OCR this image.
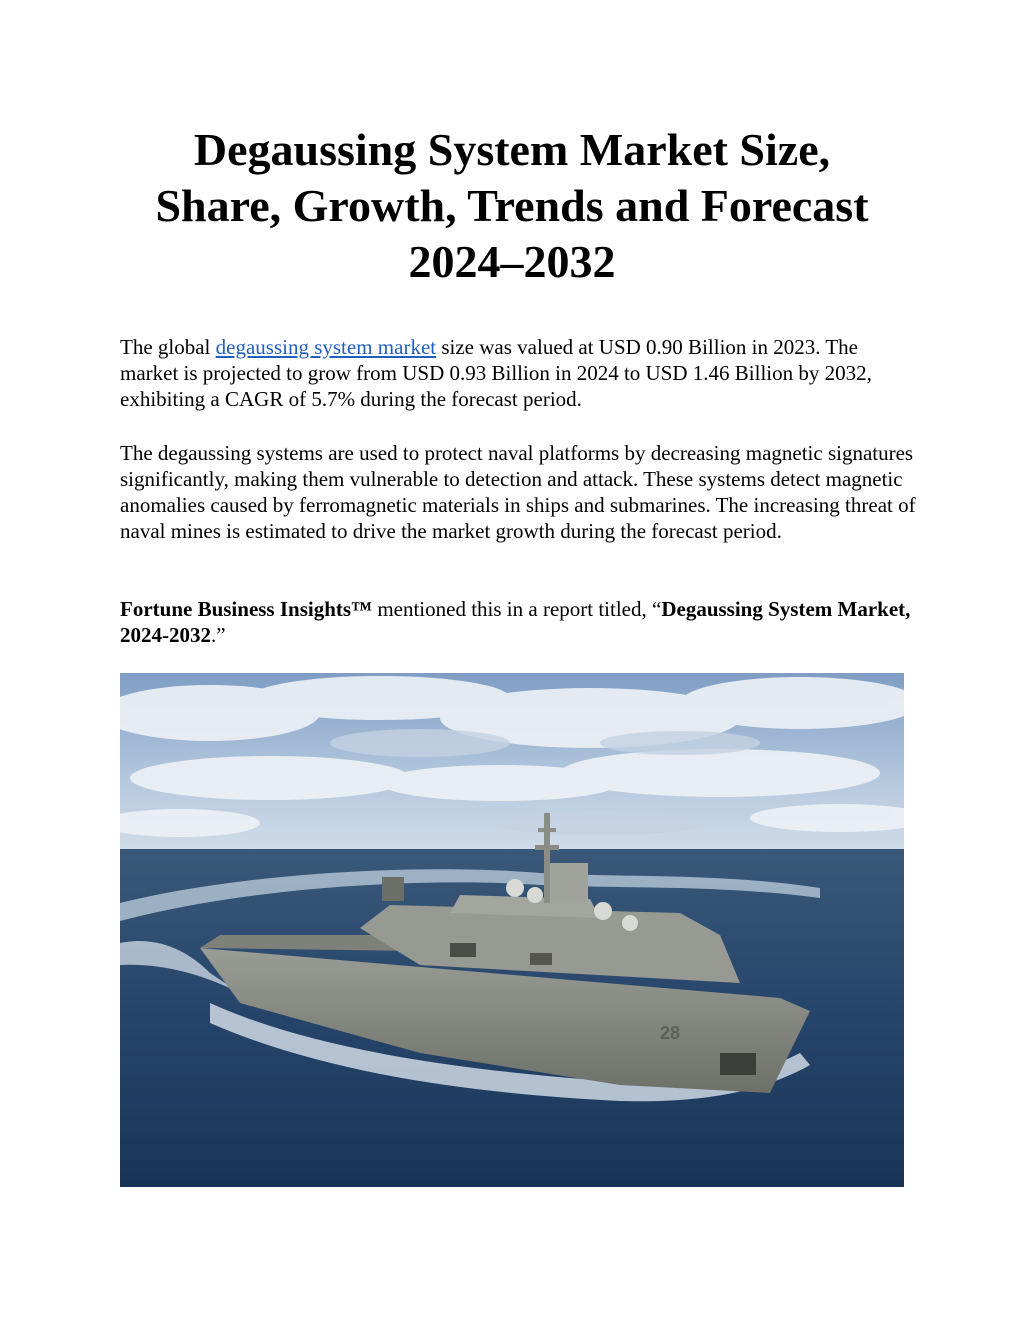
Degaussing System Market Size,
Share, Growth, Trends and Forecast
2024–2032

The global degaussing system market size was valued at USD 0.90 Billion in 2023. The market is projected to grow from USD 0.93 Billion in 2024 to USD 1.46 Billion by 2032, exhibiting a CAGR of 5.7% during the forecast period.

The degaussing systems are used to protect naval platforms by decreasing magnetic signatures significantly, making them vulnerable to detection and attack. These systems detect magnetic anomalies caused by ferromagnetic materials in ships and submarines. The increasing threat of naval mines is estimated to drive the market growth during the forecast period.

Fortune Business Insights™ mentioned this in a report titled, “Degaussing System Market, 2024-2032.”

28
